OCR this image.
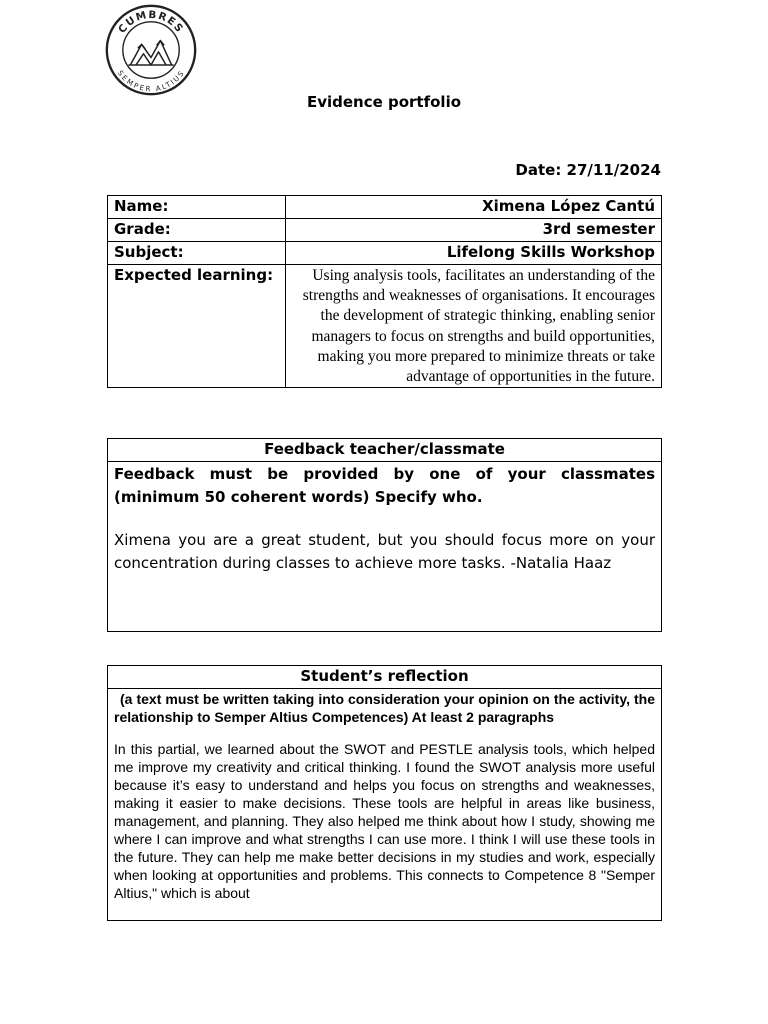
CUMBRES
SEMPER ALTIUS
Evidence portfolio
Date: 27/11/2024
Name:	Ximena López Cantú
Grade:	3rd semester
Subject:	Lifelong Skills Workshop
Expected learning:	Using analysis tools, facilitates an understanding of the strengths and weaknesses of organisations. It encourages the development of strategic thinking, enabling senior managers to focus on strengths and build opportunities, making you more prepared to minimize threats or take advantage of opportunities in the future.
Feedback teacher/classmate

Feedback must be provided by one of your classmates (minimum 50 coherent words) Specify who.

Ximena you are a great student, but you should focus more on your concentration during classes to achieve more tasks. -Natalia Haaz

Student’s reflection

(a text must be written taking into consideration your opinion on the activity, the relationship to Semper Altius Competences) At least 2 paragraphs

In this partial, we learned about the SWOT and PESTLE analysis tools, which helped me improve my creativity and critical thinking. I found the SWOT analysis more useful because it’s easy to understand and helps you focus on strengths and weaknesses, making it easier to make decisions. These tools are helpful in areas like business, management, and planning. They also helped me think about how I study, showing me where I can improve and what strengths I can use more. I think I will use these tools in the future. They can help me make better decisions in my studies and work, especially when looking at opportunities and problems. This connects to Competence 8 "Semper Altius," which is about
